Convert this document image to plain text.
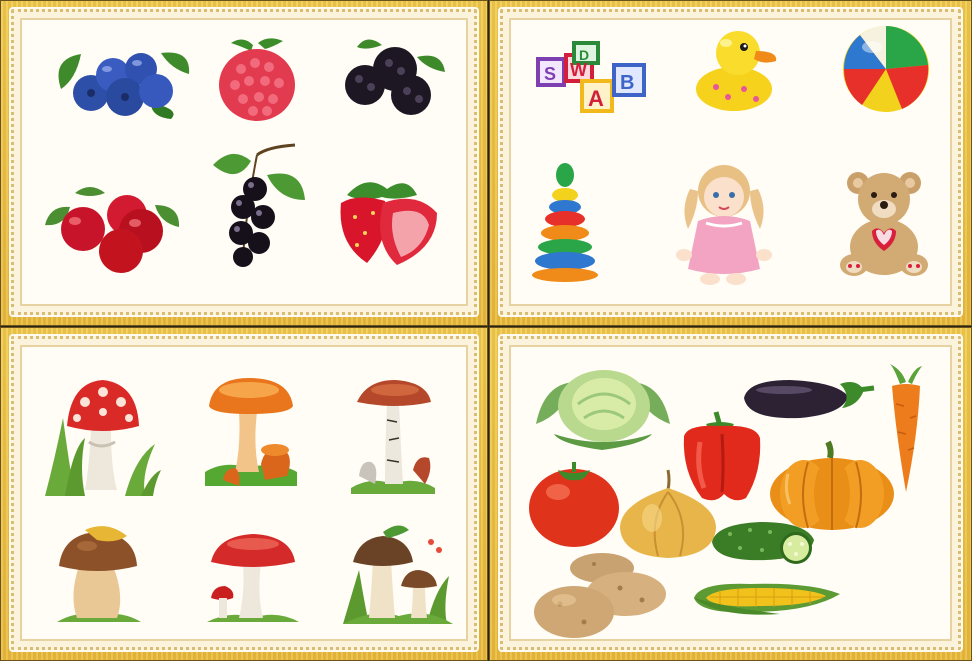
S W
D
A
B
